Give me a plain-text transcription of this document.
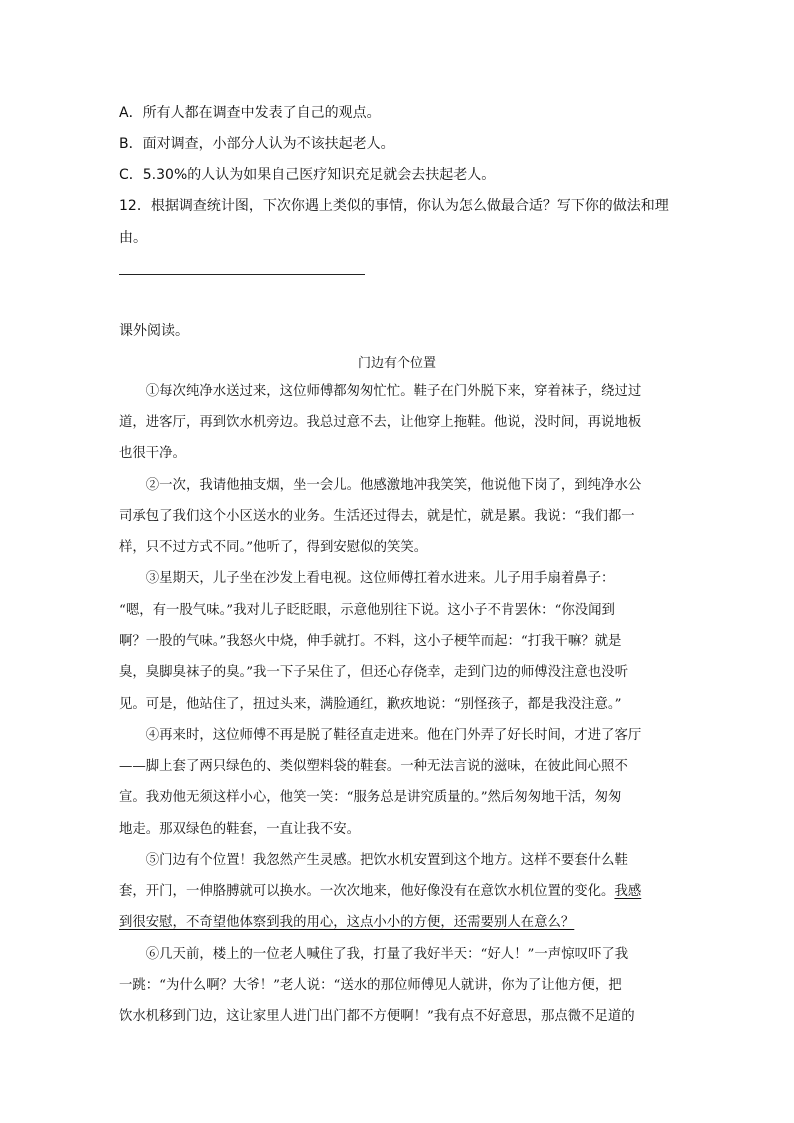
A．所有人都在调查中发表了自己的观点。
B．面对调查，小部分人认为不该扶起老人。
C．5.30%的人认为如果自己医疗知识充足就会去扶起老人。
12．根据调查统计图，下次你遇上类似的事情，你认为怎么做最合适？写下你的做法和理
由。
课外阅读。
门边有个位置
　　①每次纯净水送过来，这位师傅都匆匆忙忙。鞋子在门外脱下来，穿着袜子，绕过过
道，进客厅，再到饮水机旁边。我总过意不去，让他穿上拖鞋。他说，没时间，再说地板
也很干净。
　　②一次，我请他抽支烟，坐一会儿。他感激地冲我笑笑，他说他下岗了，到纯净水公
司承包了我们这个小区送水的业务。生活还过得去，就是忙，就是累。我说：“我们都一
样，只不过方式不同。”他听了，得到安慰似的笑笑。
　　③星期天，儿子坐在沙发上看电视。这位师傅扛着水进来。儿子用手扇着鼻子：
“嗯，有一股气味。”我对儿子眨眨眼，示意他别往下说。这小子不肯罢休：“你没闻到
啊？一股的气味。”我怒火中烧，伸手就打。不料，这小子梗竿而起：“打我干嘛？就是
臭，臭脚臭袜子的臭。”我一下子呆住了，但还心存侥幸，走到门边的师傅没注意也没听
见。可是，他站住了，扭过头来，满脸通红，歉疚地说：“别怪孩子，都是我没注意。”
　　④再来时，这位师傅不再是脱了鞋径直走进来。他在门外弄了好长时间，才进了客厅
——脚上套了两只绿色的、类似塑料袋的鞋套。一种无法言说的滋味，在彼此间心照不
宣。我劝他无须这样小心，他笑一笑：“服务总是讲究质量的。”然后匆匆地干活，匆匆
地走。那双绿色的鞋套，一直让我不安。
　　⑤门边有个位置！我忽然产生灵感。把饮水机安置到这个地方。这样不要套什么鞋
套，开门，一伸胳膊就可以换水。一次次地来，他好像没有在意饮水机位置的变化。我感
到很安慰，不奇望他体察到我的用心，这点小小的方便，还需要别人在意么？
　　⑥几天前，楼上的一位老人喊住了我，打量了我好半天：“好人！”一声惊叹吓了我
一跳：“为什么啊？大爷！”老人说：“送水的那位师傅见人就讲，你为了让他方便，把
饮水机移到门边，这让家里人进门出门都不方便啊！”我有点不好意思，那点微不足道的
